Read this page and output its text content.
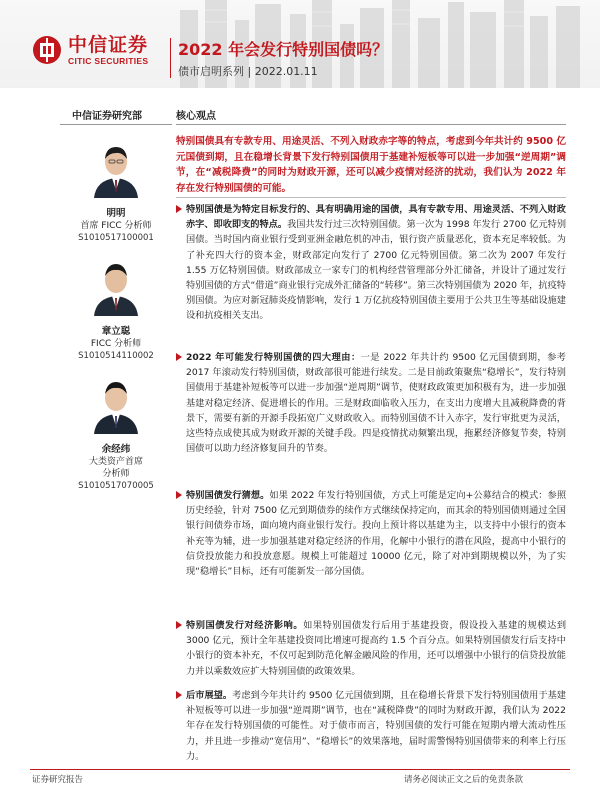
中信证券
CITIC SECURITIES
2022 年会发行特别国债吗？
债市启明系列 | 2022.01.11
中信证券研究部
明明
首席 FICC 分析师
S1010517100001
章立聪
FICC 分析师
S1010514110002
余经纬
大类资产首席
分析师
S1010517070005
核心观点
特别国债具有专款专用、用途灵活、不列入财政赤字等的特点，考虑到今年共计约 9500 亿元国债到期，且在稳增长背景下发行特别国债用于基建补短板等可以进一步加强“逆周期”调节，在“减税降费”的同时为财政开源，还可以减少疫情对经济的扰动，我们认为 2022 年存在发行特别国债的可能。
特别国债是为特定目标发行的、具有明确用途的国债，具有专款专用、用途灵活、不列入财政赤字、即收即支的特点。我国共发行过三次特别国债。第一次为 1998 年发行 2700 亿元特别国债。当时国内商业银行受到亚洲金融危机的冲击，银行资产质量恶化，资本充足率较低。为了补充四大行的资本金，财政部定向发行了 2700 亿元特别国债。第二次为 2007 年发行 1.55 万亿特别国债。财政部成立一家专门的机构经营管理部分外汇储备，并设计了通过发行特别国债的方式“借道”商业银行完成外汇储备的“转移”。第三次特别国债为 2020 年，抗疫特别国债。为应对新冠肺炎疫情影响，发行 1 万亿抗疫特别国债主要用于公共卫生等基础设施建设和抗疫相关支出。
2022 年可能发行特别国债的四大理由：一是 2022 年共计约 9500 亿元国债到期，参考 2017 年滚动发行特别国债，财政部很可能进行续发。二是目前政策聚焦“稳增长”，发行特别国债用于基建补短板等可以进一步加强“逆周期”调节，使财政政策更加积极有为，进一步加强基建对稳定经济、促进增长的作用。三是财政面临收入压力，在支出力度增大且减税降费的背景下，需要有新的开源手段拓宽广义财政收入。而特别国债不计入赤字，发行审批更为灵活，这些特点成使其成为财政开源的关键手段。四是疫情扰动频繁出现，拖累经济修复节奏，特别国债可以助力经济修复回升的节奏。
特别国债发行猜想。如果 2022 年发行特别国债，方式上可能是定向+公募结合的模式：参照历史经验，针对 7500 亿元到期债券的续作方式继续保持定向，而其余的特别国债则通过全国银行间债券市场，面向境内商业银行发行。投向上预计将以基建为主，以支持中小银行的资本补充等为辅，进一步加强基建对稳定经济的作用，化解中小银行的潜在风险，提高中小银行的信贷投放能力和投放意愿。规模上可能超过 10000 亿元，除了对冲到期规模以外，为了实现“稳增长”目标，还有可能新发一部分国债。
特别国债发行对经济影响。如果特别国债发行后用于基建投资，假设投入基建的规模达到 3000 亿元，预计全年基建投资同比增速可提高约 1.5 个百分点。如果特别国债发行后支持中小银行的资本补充，不仅可起到防范化解金融风险的作用，还可以增强中小银行的信贷投放能力并以乘数效应扩大特别国债的政策效果。
后市展望。考虑到今年共计约 9500 亿元国债到期，且在稳增长背景下发行特别国债用于基建补短板等可以进一步加强“逆周期”调节，也在“减税降费”的同时为财政开源，我们认为 2022 年存在发行特别国债的可能性。对于债市而言，特别国债的发行可能在短期内增大流动性压力，并且进一步推动“宽信用”、“稳增长”的效果落地，届时需警惕特别国债带来的利率上行压力。
证券研究报告	请务必阅读正文之后的免责条款
